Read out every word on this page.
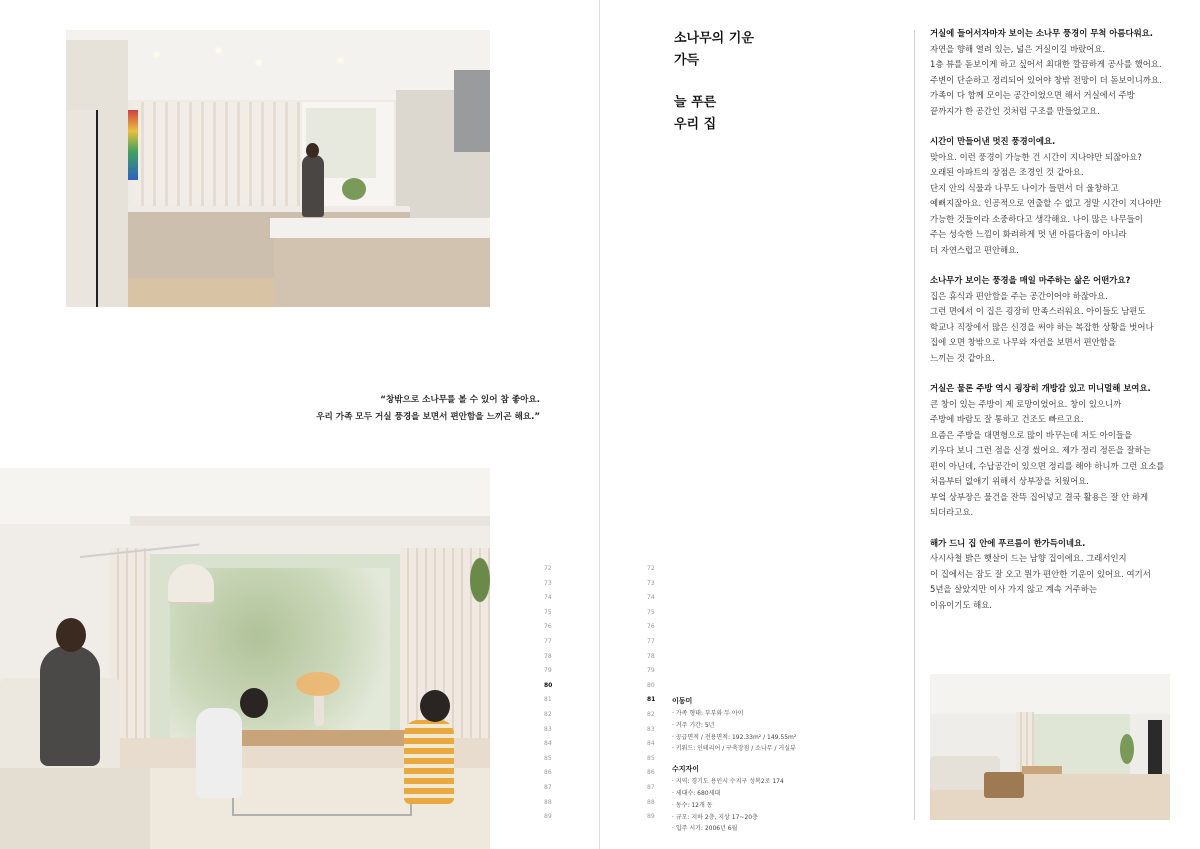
“창밖으로 소나무를 볼 수 있어 참 좋아요.
우리 가족 모두 거실 풍경을 보면서 편안함을 느끼곤 해요.”
72
73
74
75
76
77
78
79
80
81
82
83
84
85
86
87
88
89
소나무의 기운
가득
늘 푸른
우리 집
거실에 들어서자마자 보이는 소나무 풍경이 무척 아름다워요.
자연을 향해 열려 있는, 넓은 거실이길 바랐어요.
1층 뷰를 돋보이게 하고 싶어서 최대한 깔끔하게 공사를 했어요.
주변이 단순하고 정리되어 있어야 창밖 전망이 더 돋보이니까요.
가족이 다 함께 모이는 공간이었으면 해서 거실에서 주방
끝까지가 한 공간인 것처럼 구조를 만들었고요.
시간이 만들어낸 멋진 풍경이에요.
맞아요. 이런 풍경이 가능한 건 시간이 지나야만 되잖아요?
오래된 아파트의 장점은 조경인 것 같아요.
단지 안의 식물과 나무도 나이가 들면서 더 울창하고
예뻐지잖아요. 인공적으로 연출할 수 없고 정말 시간이 지나야만
가능한 것들이라 소중하다고 생각해요. 나이 많은 나무들이
주는 성숙한 느낌이 화려하게 멋 낸 아름다움이 아니라
더 자연스럽고 편안해요.
소나무가 보이는 풍경을 매일 마주하는 삶은 어떤가요?
집은 휴식과 편안함을 주는 공간이어야 하잖아요.
그런 면에서 이 집은 굉장히 만족스러워요. 아이들도 남편도
학교나 직장에서 많은 신경을 써야 하는 복잡한 상황을 벗어나
집에 오면 창밖으로 나무와 자연을 보면서 편안함을
느끼는 것 같아요.
거실은 물론 주방 역시 굉장히 개방감 있고 미니멀해 보여요.
큰 창이 있는 주방이 제 로망이었어요. 창이 있으니까
주방에 바람도 잘 통하고 건조도 빠르고요.
요즘은 주방을 대면형으로 많이 바꾸는데 저도 아이들을
키우다 보니 그런 점을 신경 썼어요. 제가 정리 정돈을 잘하는
편이 아닌데, 수납공간이 있으면 정리를 해야 하니까 그런 요소를
처음부터 없애기 위해서 상부장을 치웠어요.
부엌 상부장은 물건을 잔뜩 집어넣고 결국 활용은 잘 안 하게
되더라고요.
해가 드니 집 안에 푸르름이 한가득이네요.
사시사철 밝은 햇살이 드는 남향 집이에요. 그래서인지
이 집에서는 잠도 잘 오고 뭔가 편안한 기운이 있어요. 여기서
5년을 살았지만 이사 가지 않고 계속 거주하는
이유이기도 해요.
72
73
74
75
76
77
78
79
80
81
82
83
84
85
86
87
88
89
이동미
· 가족 형태: 부부와 두 아이
· 거주 기간: 5년
· 공급면적 / 전용면적: 192.33m² / 149.55m²
· 키워드: 인테리어 / 구축장점 / 소나무 / 거실뷰
수지자이
· 지역: 경기도 용인시 수지구 성복2로 174
· 세대수: 680세대
· 동수: 12개 동
· 규모: 지하 2층, 지상 17~20층
· 입주 시기: 2006년 6월
